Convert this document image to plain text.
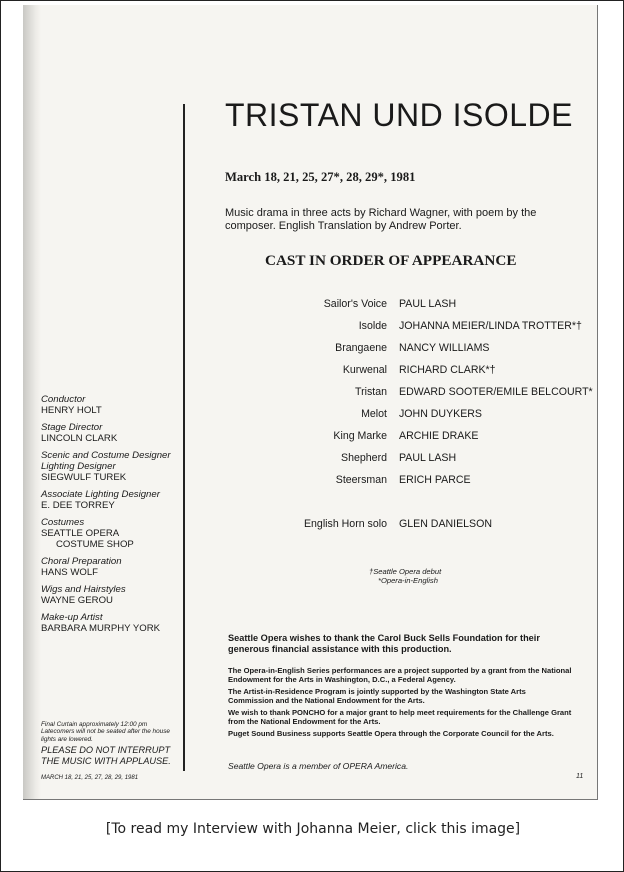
Conductor
HENRY HOLT
Stage Director
LINCOLN CLARK
Scenic and Costume Designer
Lighting Designer
SIEGWULF TUREK
Associate Lighting Designer
E. DEE TORREY
Costumes
SEATTLE OPERA
COSTUME SHOP
Choral Preparation
HANS WOLF
Wigs and Hairstyles
WAYNE GEROU
Make-up Artist
BARBARA MURPHY YORK
Final Curtain approximately 12:00 pm
Latecomers will not be seated after the house lights are lowered.
PLEASE DO NOT INTERRUPT THE MUSIC WITH APPLAUSE.
MARCH 18, 21, 25, 27, 28, 29, 1981
TRISTAN UND ISOLDE
March 18, 21, 25, 27*, 28, 29*, 1981
Music drama in three acts by Richard Wagner, with poem by the composer. English Translation by Andrew Porter.
CAST IN ORDER OF APPEARANCE
Sailor's Voice PAUL LASH
Isolde JOHANNA MEIER/LINDA TROTTER*†
Brangaene NANCY WILLIAMS
Kurwenal RICHARD CLARK*†
Tristan EDWARD SOOTER/EMILE BELCOURT*
Melot JOHN DUYKERS
King Marke ARCHIE DRAKE
Shepherd PAUL LASH
Steersman ERICH PARCE
English Horn solo GLEN DANIELSON
†Seattle Opera debut
*Opera-in-English
Seattle Opera wishes to thank the Carol Buck Sells Foundation for their generous financial assistance with this production.

The Opera-in-English Series performances are a project supported by a grant from the National Endowment for the Arts in Washington, D.C., a Federal Agency.

The Artist-in-Residence Program is jointly supported by the Washington State Arts Commission and the National Endowment for the Arts.

We wish to thank PONCHO for a major grant to help meet requirements for the Challenge Grant from the National Endowment for the Arts.

Puget Sound Business supports Seattle Opera through the Corporate Council for the Arts.

Seattle Opera is a member of OPERA America.
11
[To read my Interview with Johanna Meier, click this image]
